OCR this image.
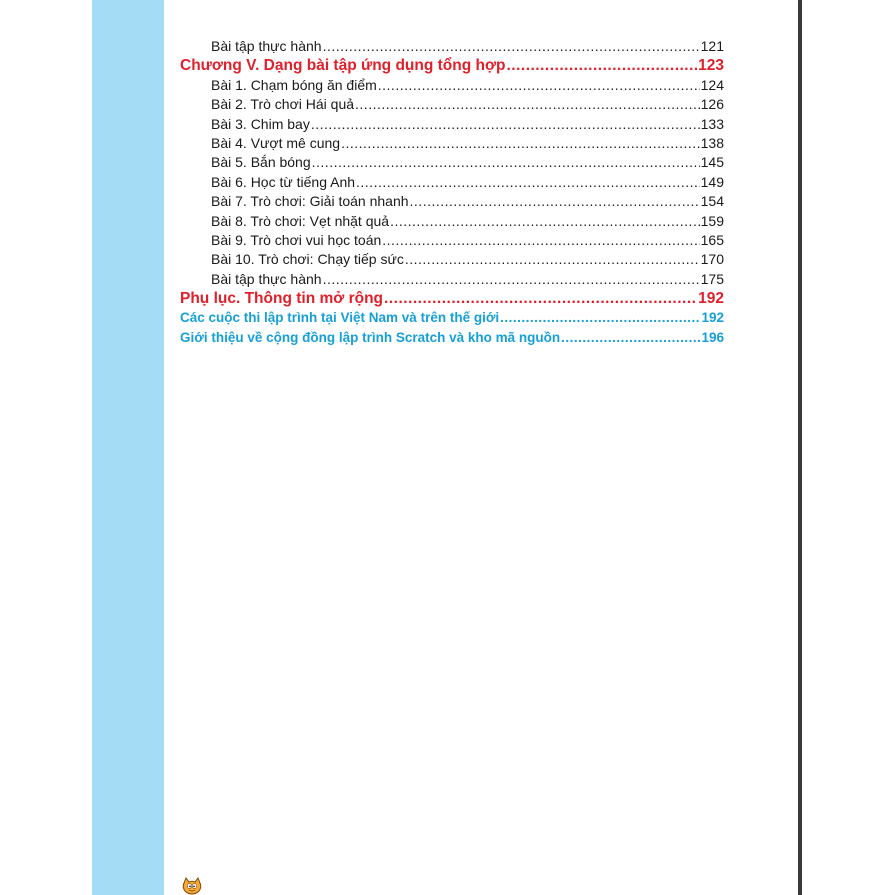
Bài tập thực hành .....	121
Chương V. Dạng bài tập ứng dụng tổng hợp .....	123
Bài 1. Chạm bóng ăn điểm .....	124
Bài 2. Trò chơi Hái quả .....	126
Bài 3. Chim bay .....	133
Bài 4. Vượt mê cung .....	138
Bài 5. Bắn bóng .....	145
Bài 6. Học từ tiếng Anh .....	149
Bài 7. Trò chơi: Giải toán nhanh .....	154
Bài 8. Trò chơi: Vẹt nhặt quả .....	159
Bài 9. Trò chơi vui học toán .....	165
Bài 10. Trò chơi: Chạy tiếp sức .....	170
Bài tập thực hành .....	175
Phụ lục. Thông tin mở rộng .....	192
Các cuộc thi lập trình tại Việt Nam và trên thế giới .....	192
Giới thiệu về cộng đồng lập trình Scratch và kho mã nguồn .....	196
